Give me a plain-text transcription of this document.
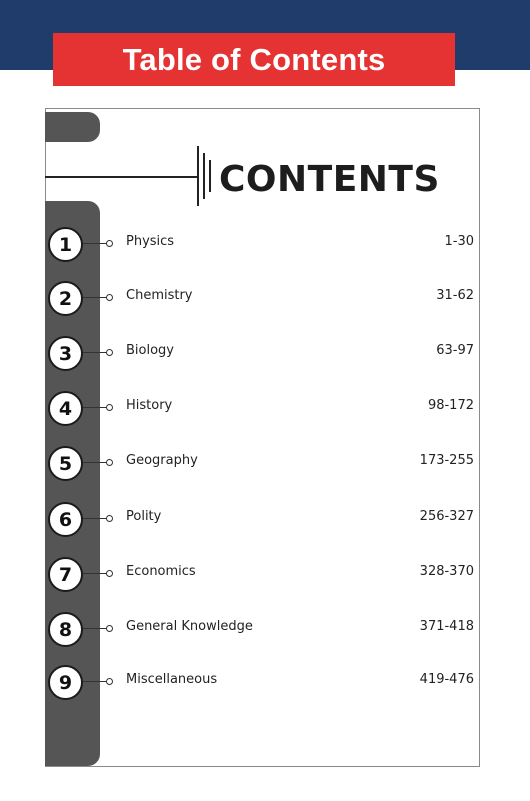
Table of Contents
CONTENTS
1	Physics	1-30
2	Chemistry	31-62
3	Biology	63-97
4	History	98-172
5	Geography	173-255
6	Polity	256-327
7	Economics	328-370
8	General Knowledge	371-418
9	Miscellaneous	419-476
